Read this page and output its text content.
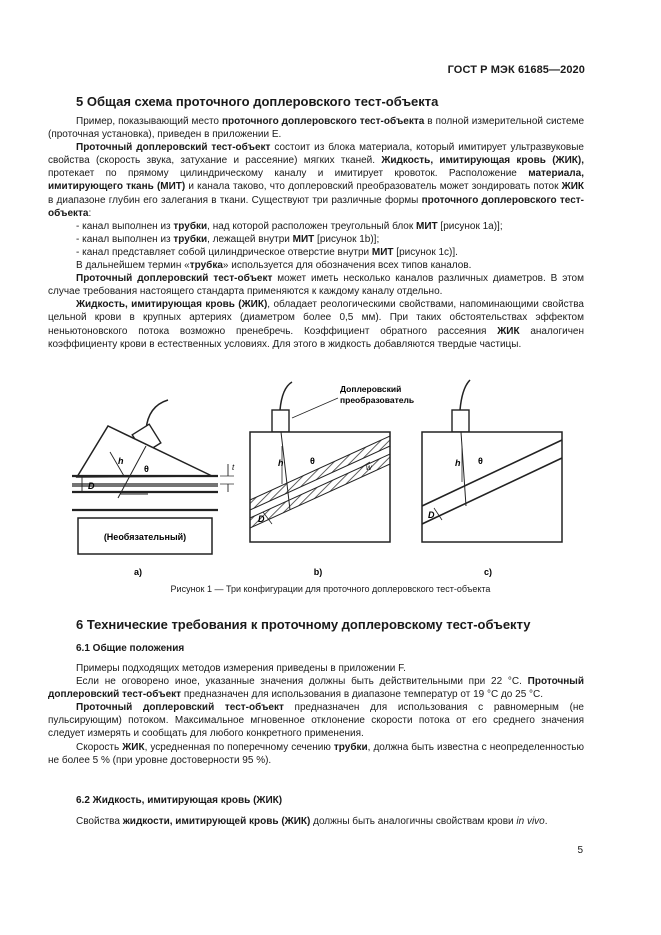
ГОСТ Р МЭК 61685—2020
5 Общая схема проточного доплеровского тест-объекта

Пример, показывающий место проточного доплеровского тест-объекта в полной измерительной системе (проточная установка), приведен в приложении E.

Проточный доплеровский тест-объект состоит из блока материала, который имитирует ультразвуковые свойства (скорость звука, затухание и рассеяние) мягких тканей. Жидкость, имитирующая кровь (ЖИК), протекает по прямому цилиндрическому каналу и имитирует кровоток. Расположение материала, имитирующего ткань (МИТ) и канала таково, что доплеровский преобразователь может зондировать поток ЖИК в диапазоне глубин его залегания в ткани. Существуют три различные формы проточного доплеровского тест-объекта:

- канал выполнен из трубки, над которой расположен треугольный блок МИТ [рисунок 1а)];

- канал выполнен из трубки, лежащей внутри МИТ [рисунок 1b)];

- канал представляет собой цилиндрическое отверстие внутри МИТ [рисунок 1с)].

В дальнейшем термин «трубка» используется для обозначения всех типов каналов.

Проточный доплеровский тест-объект может иметь несколько каналов различных диаметров. В этом случае требования настоящего стандарта применяются к каждому каналу отдельно.

Жидкость, имитирующая кровь (ЖИК), обладает реологическими свойствами, напоминающими свойства цельной крови в крупных артериях (диаметром более 0,5 мм). При таких обстоятельствах эффектом неньютоновского потока возможно пренебречь. Коэффициент обратного рассеяния ЖИК аналогичен коэффициенту крови в естественных условиях. Для этого в жидкость добавляются твердые частицы.

(Необязательный)
h
θ
D
t
a)
Доплеровский
преобразователь
h	θ
D
w
b)
h θ
D
c)
Рисунок 1 — Три конфигурации для проточного доплеровского тест-объекта
6 Технические требования к проточному доплеровскому тест-объекту
6.1 Общие положения

Примеры подходящих методов измерения приведены в приложении F.

Если не оговорено иное, указанные значения должны быть действительными при 22 °С. Проточный доплеровский тест-объект предназначен для использования в диапазоне температур от 19 °С до 25 °С.

Проточный доплеровский тест-объект предназначен для использования с равномерным (не пульсирующим) потоком. Максимальное мгновенное отклонение скорости потока от его среднего значения следует измерять и сообщать для любого конкретного применения.

Скорость ЖИК, усредненная по поперечному сечению трубки, должна быть известна с неопределенностью не более 5 % (при уровне достоверности 95 %).

6.2 Жидкость, имитирующая кровь (ЖИК)

Свойства жидкости, имитирующей кровь (ЖИК) должны быть аналогичны свойствам крови in vivo.

5
